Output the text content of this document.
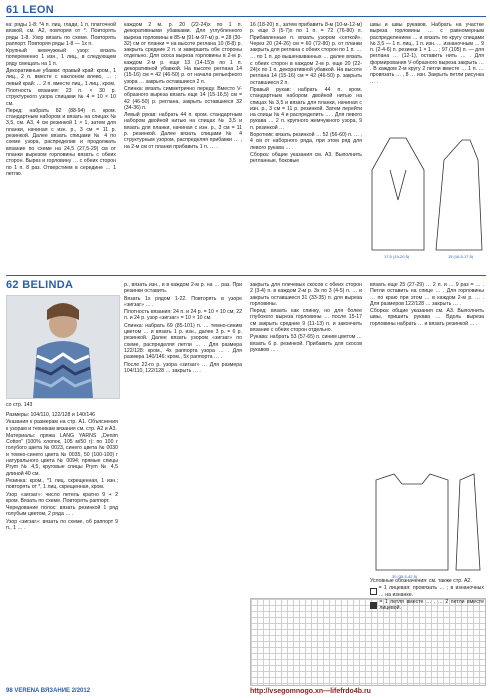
61 LEON

ка: ряды 1-8: *4 п. лиц. глади, 1 п. платочной вязкой, см. А2, повторяя от *. Повторять ряды 1-8. Узор вязать по схеме. Повторять раппорт. Повторяя ряды 1-8 — 1x п.

Крупный жемчужный узор: вязать попеременно 1 изн., 1 лиц., в следующем ряду смещать на 1 п.

Декоративные убавки: правый край: кром., 1 лиц., 2 п. вместе с наклоном влево, … ; левый край: … 2 п. вместе лиц., 1 лиц., кром.

Плотность вязания: 23 п. × 30 р. структурного узора спицами № 4 = 10 × 10 см.

Перед: набрать 82 (88-94) п. кром. стандартным набором и вязать на спицах № 3,5, см. А3, 4 см резинкой 1 × 1, затем для планки, начиная с изн. р., 3 см = 11 р. резинкой. Далее вязать спицами № 4 по схеме узора, распределив и продолжать вязание по схеме на 24,5 (27,5-29) см от планки вырезом горловины вязать с обеих сторон. Вырез и горловину … с обеих сторон по 1 п. 8 раз. Отверстием в середине … 1 петлю.

каждом 2 м. р. 20 (22-24)x по 1 п. декоративными убавками. Для углубленного выреза горловины в 85-м (91-м-97-м) р. = 28 (30-32) см от планки = на высоте реглана 10 (8-8) р. закрыть средние 2 п. и завершить обе стороны отдельно. Для скоса выреза горловины в 2-м р. каждом 2-м р. еще 13 (14-15)x по 1 п. декоративной убавкой. На высоте реглана 14 (15-16) см = 42 (46-50) р. от начала рельефного узора … закрыть оставшиеся 2 п.

Спинка: вязать симметрично переду. Вместо V-образного выреза вязать еще 14 (15-16,5) см = 42 (46-50) р. реглана, закрыть оставшиеся 32 (34-36) п.

Левый рукав: набрать 44 п. кром. стандартным набором двойной нитью на спицах № 3,5 и вязать для планки, начиная с изн. р., 3 см = 11 р. резинкой. Далее вязать спицами № 4 структурным узором, распределяя прибавки … , на 2-м см от планки прибавить 1 п. … .

16 (18-20) п., затем прибавить 8-м (10-м-12-м) р. еще 3 (5-7)x по 1 п. = 72 (76-80) п. Прибавленные п. вязать узором «сеткой». Через 20 (24-26) см = 60 (72-80) р. от планки закрыть для реглана с обеих сторон по 1 п. …

… по 1 п. до вышеназванных … далее вязать с обеих сторон в каждом 2-м р. еще 20 (22-24)x по 1 п. декоративной убавкой. На высоте реглана 14 (15-16) см = 42 (46-50) р. закрыть оставшиеся 2 п.

Правый рукав: набрать 44 п. кром. стандартным набором двойной нитью на спицах № 3,5 и вязать для планки, начиная с изн. р., 3 см = 11 р. резинкой. Затем перейти на спицы № 4 и распределить … . Для левого рукава … 2 п. крупного жемчужного узора, 9 п. резинкой …

Воротник: вязать резинкой … 52 (56-60) п. … , 4 см от наборного ряда, при этом ряд для левого рукава … .

Сборка: общие указания см. А3. Выполнить регланные, боковые

швы и швы рукавов. Набрать на участке выреза горловины … с равномерным распределением … и вязать по кругу спицами № 3,5 — 1 п. лиц., 1 п. изн. … изнаночным … 9 п. (2-4-6) п. резинки 1 × 1 … ; 97 (105) п. — для реглана … (12-1), оставить нить … . Для формирования V-образного выреза закрыть … . В каждом 2-м кругу 2 петли вместе … 1 п. … провязать … , 8 … изн. Закрыть петли рисунка … .

17,5 (19-20,5)	15 (16,5-17,5)
62 BELINDA
со стр. 143

Размеры: 104/110, 122/128 и 140/146

Указания к размерам на стр. А1. Объяснения к узорам и техникам вязания см. стр. А2 и А3.

Материалы: пряжа LANG YARNS „Denim Cotton" (100% хлопок, 105 м/50 г): по 100 г голубого цвета № 0023, синего цвета № 0030 и темно-синего цвета № 0035, 50 (100-100) г натурального цвета № 0094; прямые спицы Prym № 4,5, круговые спицы Prym № 4,5 длиной 40 см.

Резинка: кром., *1 лиц. скрещенная, 1 изн.; повторять от *, 1 лиц. скрещенная, кром.

Узор «зигзаг»: число петель кратно 9 + 2 кром. Вязать по схеме. Повторять раппорт.

Чередование полос: вязать резинкой 1 ряд голубым цветом, 2 ряда … .

Узор «зигзаг»: вязать по схеме, об раппорт 9 п., 1 … .

р., вязать изн., и в каждом 2-м р. на … раз. При резинки оставить.

Вязать 1х рядом 1-22. Повторять в узоре «зигзаг» … .

Плотность вязания: 24 п. и 24 р. = 10 × 10 см; 22 п. и 24 р. узор «зигзаг» = 10 × 10 см.

Спинка: набрать 69 (85-101) п. … темно-синим цветом … и вязать 1 р. изн., далее 3 р. = 6 р. резинкой. Далее вязать узором «зигзаг» по схеме, распределяя петли … . Для размера 122/128: кром., 4x раппорта узора … . Для размера 140/146: кром., 5x раппорта … .

После 22-го р. узора «зигзаг» … Для размера 104/110, 122/128 … закрыть … .

закрыть для плечевых скосов с обеих сторон 2 (3-4) п. в каждом 2-м р. 3x по 3 (4-5) п. … и закрыть оставшиеся 31 (33-35) п. для выреза горловины.

Перед: вязать как спинку, но для более глубокого выреза горловины … после 15-17 см закрыть средние 9 (11-13) п. и закончить вязание с обеих сторон отдельно.

Рукава: набрать 53 (57-65) п. синим цветом … вязать 6 р. резинкой. Прибавить для скосов рукавов … .

вязать еще 25 (27-29) … 2 п. и … 9 раз = … . Петли оставить на спице … . Для горловины … по краю при этом … в каждом 2-м р. … . Для размеров 122/128 … закрыть … .

Сборка: общие указания см. А3. Выполнить швы, пришить рукава … Вдоль выреза горловины набрать … и вязать резинкой … .

30 (35,5-42,5)

Условные обозначения: см. также стр. А2.

= 1 лицевая: провязать … ; в изнаночных … на изнанке.
= 1 петля вместе … , … 2 петли вместе лицевой.
98 VERENA ВЯЗАНИЕ 2/2012	http://vsegomnogo.xn—lifefrdo4b.ru
